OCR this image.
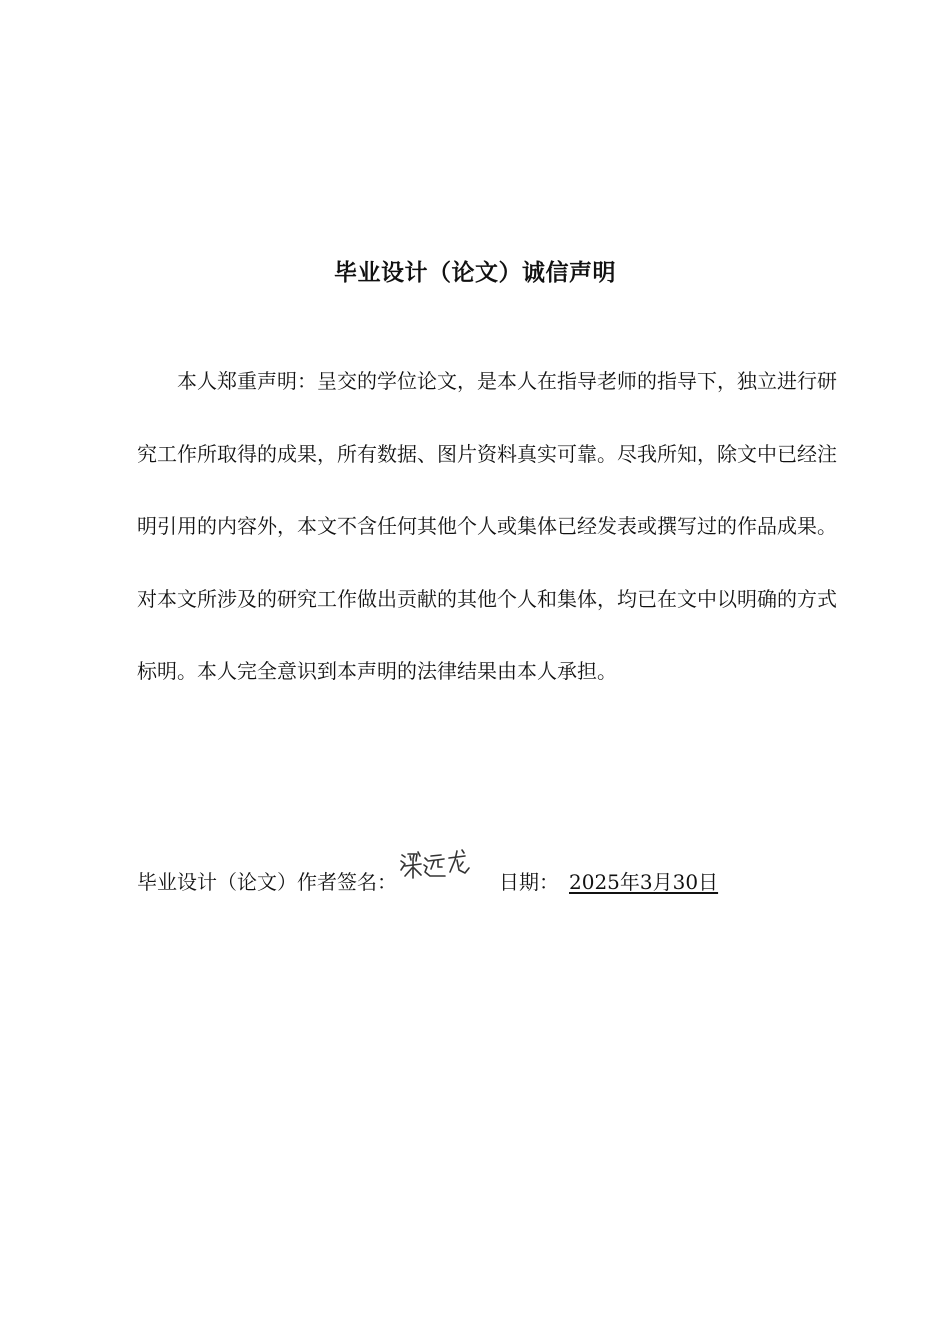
毕业设计（论文）诚信声明

本人郑重声明：呈交的学位论文，是本人在指导老师的指导下，独立进行研究工作所取得的成果，所有数据、图片资料真实可靠。尽我所知，除文中已经注明引用的内容外，本文不含任何其他个人或集体已经发表或撰写过的作品成果。对本文所涉及的研究工作做出贡献的其他个人和集体，均已在文中以明确的方式标明。本人完全意识到本声明的法律结果由本人承担。

毕业设计（论文）作者签名：	日期： 2025年3月30日
